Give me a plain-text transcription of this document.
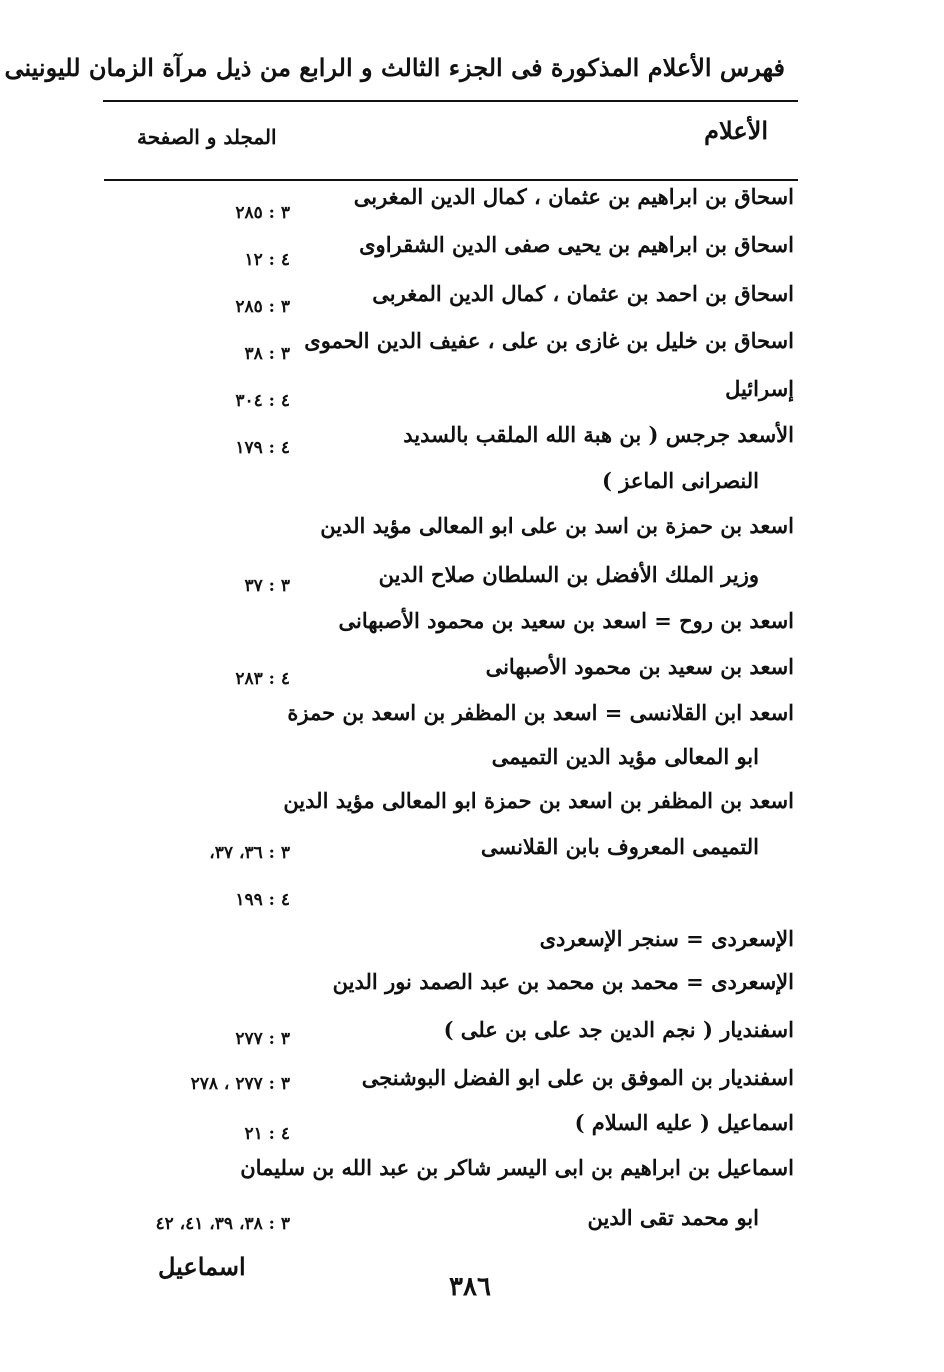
فهرس الأعلام المذكورة فى الجزء الثالث و الرابع من ذيل مرآة الزمان لليونينى
الأعلام
المجلد و الصفحة
اسحاق بن ابراهيم بن عثمان ، كمال الدين المغربى
٣ : ٢٨٥
اسحاق بن ابراهيم بن يحيى صفى الدين الشقراوى
٤ : ١٢
اسحاق بن احمد بن عثمان ، كمال الدين المغربى
٣ : ٢٨٥
اسحاق بن خليل بن غازى بن على ، عفيف الدين الحموى
٣ : ٣٨
إسرائيل
٤ : ٣٠٤
الأسعد جرجس ( بن هبة الله الملقب بالسديد
٤ : ١٧٩
النصرانى الماعز )
اسعد بن حمزة بن اسد بن على ابو المعالى مؤيد الدين
وزير الملك الأفضل بن السلطان صلاح الدين
٣ : ٣٧
اسعد بن روح = اسعد بن سعيد بن محمود الأصبهانى
اسعد بن سعيد بن محمود الأصبهانى
٤ : ٢٨٣
اسعد ابن القلانسى = اسعد بن المظفر بن اسعد بن حمزة
ابو المعالى مؤيد الدين التميمى
اسعد بن المظفر بن اسعد بن حمزة ابو المعالى مؤيد الدين
التميمى المعروف بابن القلانسى
٣ : ٣٦، ٣٧،
٤ : ١٩٩
الإسعردى = سنجر الإسعردى
الإسعردى = محمد بن محمد بن عبد الصمد نور الدين
اسفنديار ( نجم الدين جد على بن على )
٣ : ٢٧٧
اسفنديار بن الموفق بن على ابو الفضل البوشنجى
٣ : ٢٧٧ ، ٢٧٨
اسماعيل ( عليه السلام )
٤ : ٢١
اسماعيل بن ابراهيم بن ابى اليسر شاكر بن عبد الله بن سليمان
ابو محمد تقى الدين
٣ : ٣٨، ٣٩، ٤١، ٤٢
اسماعيل
٣٨٦
